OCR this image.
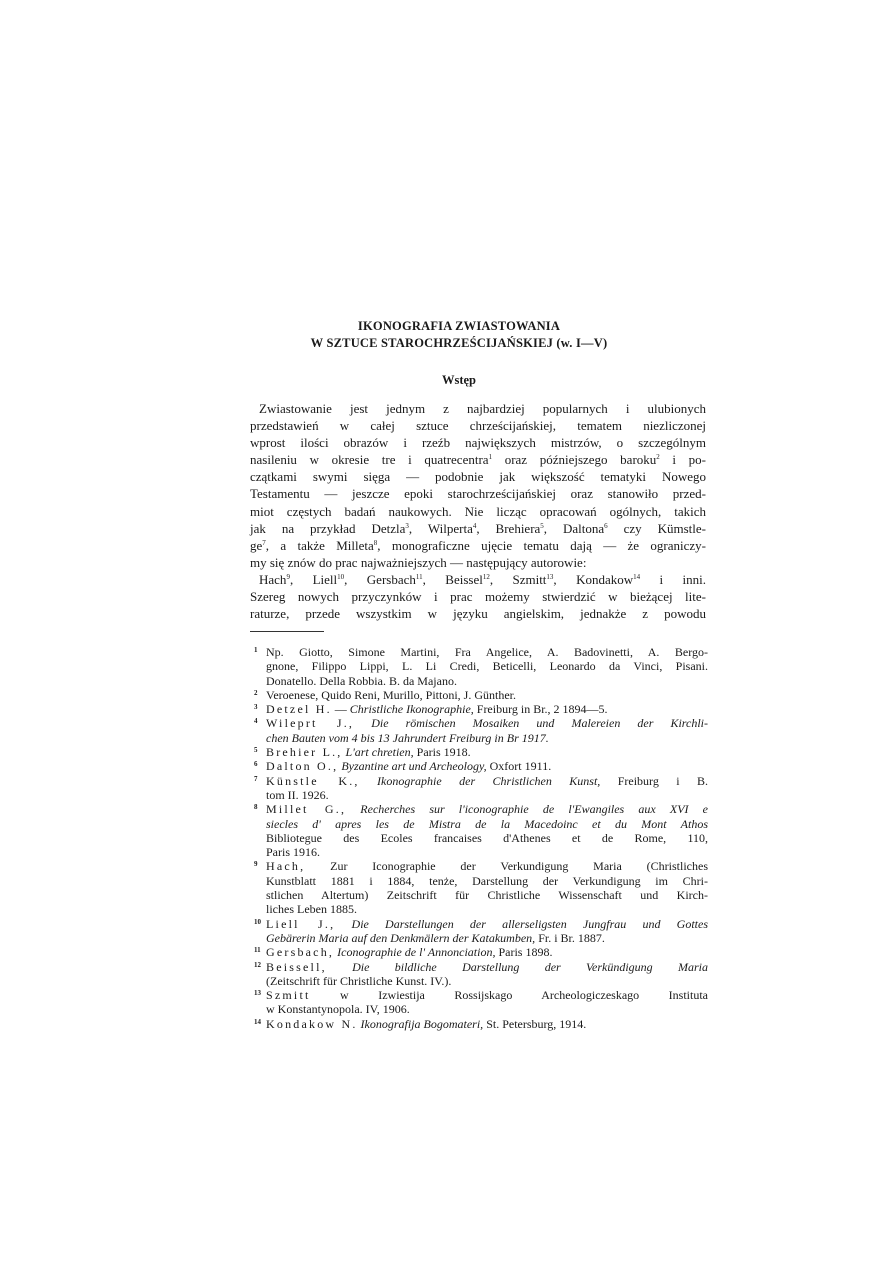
IKONOGRAFIA ZWIASTOWANIA
W SZTUCE STAROCHRZEŚCIJAŃSKIEJ (w. I—V)
Wstęp
Zwiastowanie jest jednym z najbardziej popularnych i ulubionych
przedstawień w całej sztuce chrześcijańskiej, tematem niezliczonej
wprost ilości obrazów i rzeźb największych mistrzów, o szczególnym
nasileniu w okresie tre i quatrecentra$^1$ oraz późniejszego baroku$^2$ i po-
czątkami swymi sięga — podobnie jak większość tematyki Nowego
Testamentu — jeszcze epoki starochrześcijańskiej oraz stanowiło przed-
miot częstych badań naukowych. Nie licząc opracowań ogólnych, takich
jak na przykład Detzla$^3$, Wilperta$^4$, Brehiera$^5$, Daltona$^6$ czy Kümstle-
$ge^7$, a także Milleta$^8$, monograficzne ujęcie tematu dają — że ograniczy-
my się znów do prac najważniejszych — następujący autorowie:
Hach$^9$, Liell$^{10}$, Gersbach$^{11}$, Beissel$^{12}$, Szmitt$^{13}$, Kondakow$^{14}$ i inni.
Szereg nowych przyczynków i prac możemy stwierdzić w bieżącej lite-
raturze, przede wszystkim w języku angielskim, jednakże z powodu
1 Np. Giotto, Simone Martini, Fra Angelice, A. Badovinetti, A. Bergo-
gnone, Filippo Lippi, L. Li Credi, Beticelli, Leonardo da Vinci, Pisani.
Donatello. Della Robbia. B. da Majano.
2 Veroenese, Quido Reni, Murillo, Pittoni, J. Günther.
3 Detzel H. — Christliche Ikonographie, Freiburg in Br., 2 1894—5.
4 Wileprt J., Die römischen Mosaiken und Malereien der Kirchli-
chen Bauten vom 4 bis 13 Jahrundert Freiburg in Br 1917.
5 Brehier L., L'art chretien, Paris 1918.
6 Dalton O., Byzantine art und Archeology, Oxfort 1911.
7 Künstle K., Ikonographie der Christlichen Kunst, Freiburg i B.
tom II. 1926.
8 Millet G., Recherches sur l'iconographie de l'Ewangiles aux XVI e
siecles d' apres les de Mistra de la Macedoinc et du Mont Athos
Bibliotegue des Ecoles francaises d'Athenes et de Rome, 110,
Paris 1916.
9 Hach, Zur Iconographie der Verkundigung Maria (Christliches
Kunstblatt 1881 i 1884, tenże, Darstellung der Verkundigung im Chri-
stlichen Altertum) Zeitschrift für Christliche Wissenschaft und Kirch-
liches Leben 1885.
10 Liell J., Die Darstellungen der allerseligsten Jungfrau und Gottes
Gebärerin Maria auf den Denkmälern der Katakumben, Fr. i Br. 1887.
11 Gersbach, Iconographie de l' Annonciation, Paris 1898.
12 Beissell, Die bildliche Darstellung der Verkündigung Maria
(Zeitschrift für Christliche Kunst. IV.).
13 Szmitt w Izwiestija Rossijskago Archeologiczeskago Instituta
w Konstantynopola. IV, 1906.
14 Kondakow N. Ikonografija Bogomateri, St. Petersburg, 1914.
